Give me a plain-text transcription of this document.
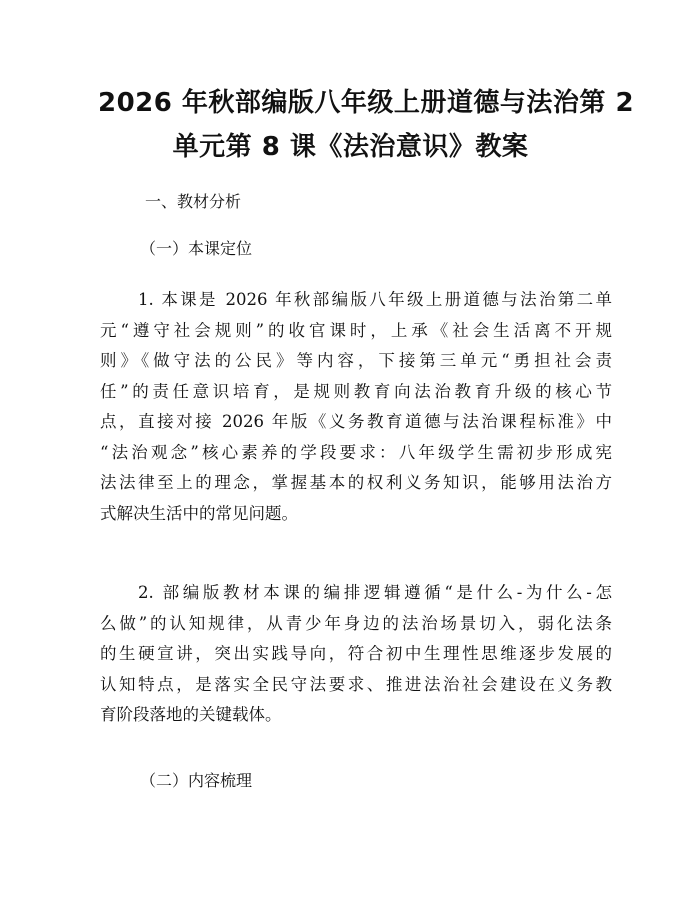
2026 年秋部编版八年级上册道德与法治第 2
单元第 8 课《法治意识》教案
一、教材分析
（一）本课定位
1. 本课是 2026 年秋部编版八年级上册道德与法治第二单
元“遵守社会规则”的收官课时，上承《社会生活离不开规
则》《做守法的公民》等内容，下接第三单元“勇担社会责
任”的责任意识培育，是规则教育向法治教育升级的核心节
点，直接对接 2026 年版《义务教育道德与法治课程标准》中
“法治观念”核心素养的学段要求：八年级学生需初步形成宪
法法律至上的理念，掌握基本的权利义务知识，能够用法治方
式解决生活中的常见问题。
2. 部编版教材本课的编排逻辑遵循“是什么-为什么-怎
么做”的认知规律，从青少年身边的法治场景切入，弱化法条
的生硬宣讲，突出实践导向，符合初中生理性思维逐步发展的
认知特点，是落实全民守法要求、推进法治社会建设在义务教
育阶段落地的关键载体。
（二）内容梳理
